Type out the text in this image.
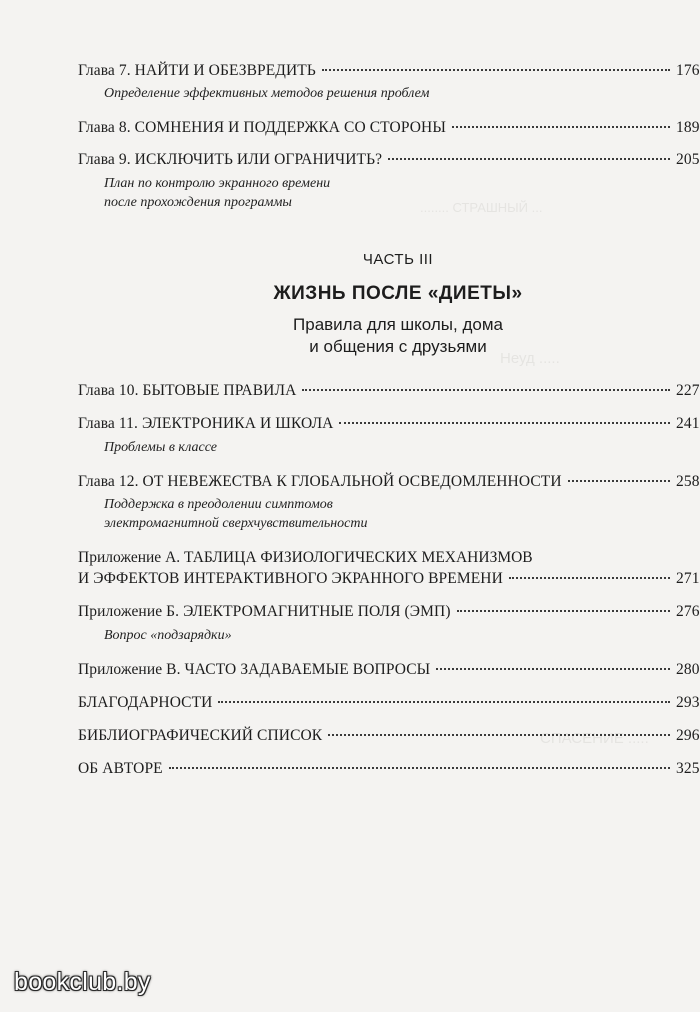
........ СТРАШНЫЙ ...
Неуд .....
СПАСЕНИЕ .....
Глава 7. НАЙТИ И ОБЕЗВРЕДИТЬ	176
Определение эффективных методов решения проблем
Глава 8. СОМНЕНИЯ И ПОДДЕРЖКА СО СТОРОНЫ	189
Глава 9. ИСКЛЮЧИТЬ ИЛИ ОГРАНИЧИТЬ?	205
План по контролю экранного времени
после прохождения программы
ЧАСТЬ III
ЖИЗНЬ ПОСЛЕ «ДИЕТЫ»
Правила для школы, дома
и общения с друзьями
Глава 10. БЫТОВЫЕ ПРАВИЛА	227
Глава 11. ЭЛЕКТРОНИКА И ШКОЛА	241
Проблемы в классе
Глава 12. ОТ НЕВЕЖЕСТВА К ГЛОБАЛЬНОЙ ОСВЕДОМЛЕННОСТИ	258
Поддержка в преодолении симптомов
электромагнитной сверхчувствительности
Приложение А. ТАБЛИЦА ФИЗИОЛОГИЧЕСКИХ МЕХАНИЗМОВ
И ЭФФЕКТОВ ИНТЕРАКТИВНОГО ЭКРАННОГО ВРЕМЕНИ	271
Приложение Б. ЭЛЕКТРОМАГНИТНЫЕ ПОЛЯ (ЭМП)	276
Вопрос «подзарядки»
Приложение В. ЧАСТО ЗАДАВАЕМЫЕ ВОПРОСЫ	280
БЛАГОДАРНОСТИ	293
БИБЛИОГРАФИЧЕСКИЙ СПИСОК	296
ОБ АВТОРЕ	325
bookclub.by
